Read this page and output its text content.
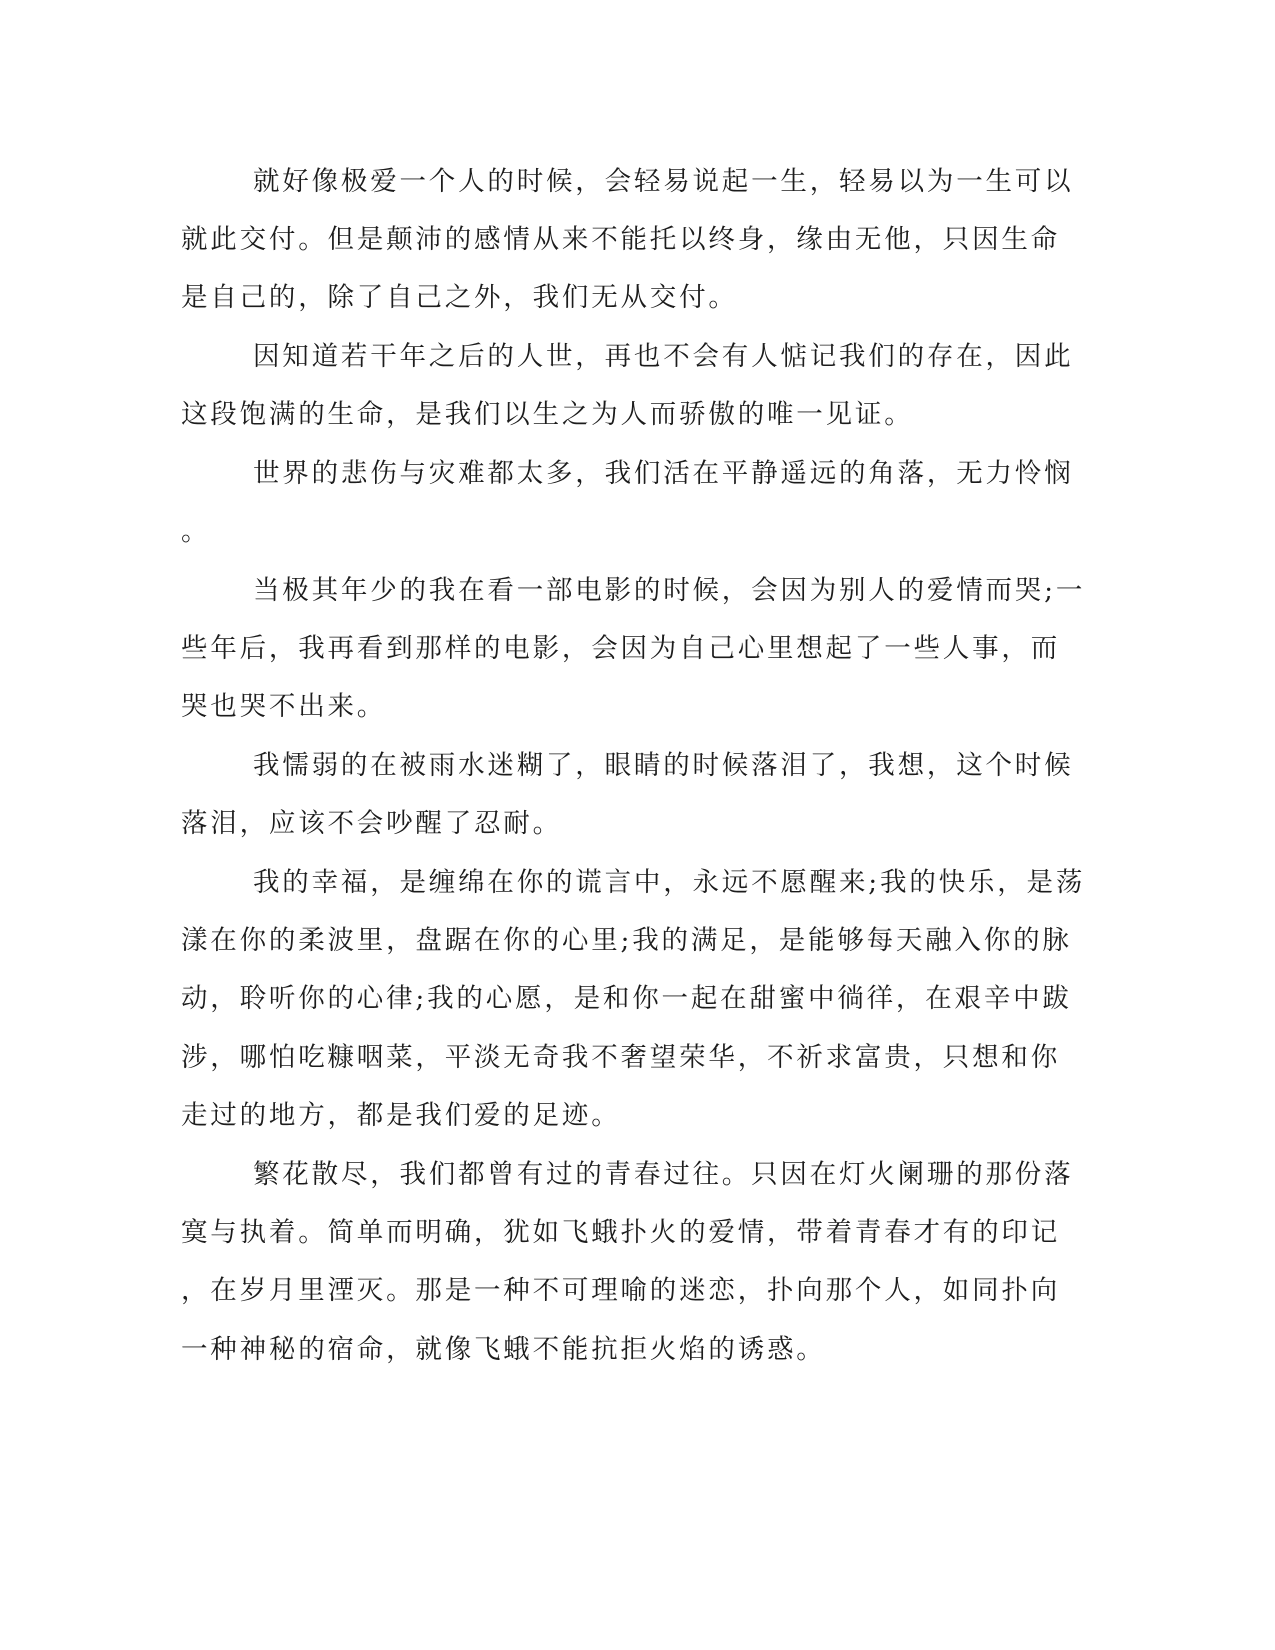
就好像极爱一个人的时候，会轻易说起一生，轻易以为一生可以
就此交付。但是颠沛的感情从来不能托以终身，缘由无他，只因生命
是自己的，除了自己之外，我们无从交付。
因知道若干年之后的人世，再也不会有人惦记我们的存在，因此
这段饱满的生命，是我们以生之为人而骄傲的唯一见证。
世界的悲伤与灾难都太多，我们活在平静遥远的角落，无力怜悯
。
当极其年少的我在看一部电影的时候，会因为别人的爱情而哭;一
些年后，我再看到那样的电影，会因为自己心里想起了一些人事，而
哭也哭不出来。
我懦弱的在被雨水迷糊了，眼睛的时候落泪了，我想，这个时候
落泪，应该不会吵醒了忍耐。
我的幸福，是缠绵在你的谎言中，永远不愿醒来;我的快乐，是荡
漾在你的柔波里，盘踞在你的心里;我的满足，是能够每天融入你的脉
动，聆听你的心律;我的心愿，是和你一起在甜蜜中徜徉，在艰辛中跋
涉，哪怕吃糠咽菜，平淡无奇我不奢望荣华，不祈求富贵，只想和你
走过的地方，都是我们爱的足迹。
繁花散尽，我们都曾有过的青春过往。只因在灯火阑珊的那份落
寞与执着。简单而明确，犹如飞蛾扑火的爱情，带着青春才有的印记
，在岁月里湮灭。那是一种不可理喻的迷恋，扑向那个人，如同扑向
一种神秘的宿命，就像飞蛾不能抗拒火焰的诱惑。
